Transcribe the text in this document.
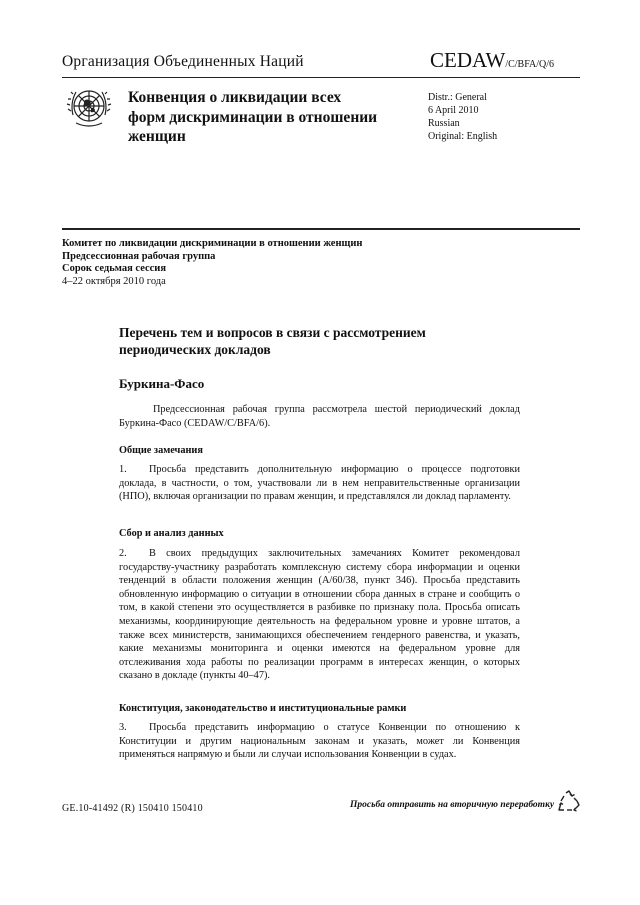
Организация Объединенных Наций	CEDAW/C/BFA/Q/6
Конвенция о ликвидации всех форм дискриминации в отношении женщин
Distr.: General
6 April 2010
Russian
Original: English
Комитет по ликвидации дискриминации в отношении женщин
Предсессионная рабочая группа
Сорок седьмая сессия
4–22 октября 2010 года
Перечень тем и вопросов в связи с рассмотрением периодических докладов
Буркина-Фасо
Предсессионная рабочая группа рассмотрела шестой периодический доклад Буркина-Фасо (CEDAW/C/BFA/6).
Общие замечания
1. Просьба представить дополнительную информацию о процессе подготовки доклада, в частности, о том, участвовали ли в нем неправительственные организации (НПО), включая организации по правам женщин, и представлялся ли доклад парламенту.
Сбор и анализ данных
2. В своих предыдущих заключительных замечаниях Комитет рекомендовал государству-участнику разработать комплексную систему сбора информации и оценки тенденций в области положения женщин (A/60/38, пункт 346). Просьба представить обновленную информацию о ситуации в отношении сбора данных в стране и сообщить о том, в какой степени это осуществляется в разбивке по признаку пола. Просьба описать механизмы, координирующие деятельность на федеральном уровне и уровне штатов, а также всех министерств, занимающихся обеспечением гендерного равенства, и указать, какие механизмы мониторинга и оценки имеются на федеральном уровне для отслеживания хода работы по реализации программ в интересах женщин, о которых сказано в докладе (пункты 40–47).
Конституция, законодательство и институциональные рамки
3. Просьба представить информацию о статусе Конвенции по отношению к Конституции и другим национальным законам и указать, может ли Конвенция применяться напрямую и были ли случаи использования Конвенции в судах.
GE.10-41492 (R) 150410 150410	Просьба отправить на вторичную переработку
